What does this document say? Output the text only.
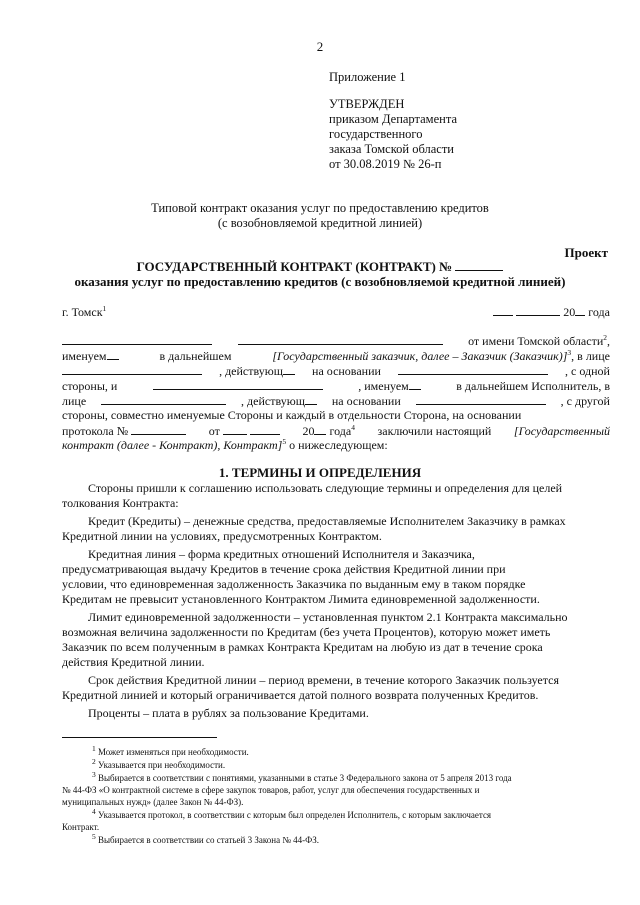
2
Приложение 1
УТВЕРЖДЕН
приказом Департамента
государственного
заказа Томской области
от 30.08.2019 № 26-п
Типовой контракт оказания услуг по предоставлению кредитов
(с возобновляемой кредитной линией)
Проект
ГОСУДАРСТВЕННЫЙ КОНТРАКТ (КОНТРАКТ) №
оказания услуг по предоставлению кредитов (с возобновляемой кредитной линией)
г. Томск$^1$	20 года
от имени Томской области$^2$,
именуем	в дальнейшем	[Государственный заказчик, далее – Заказчик (Заказчик)]$^3$, в лице
, действующ	на основании	, с одной
стороны, и	, именуем	в дальнейшем Исполнитель, в
лице	, действующ	на основании	, с другой
стороны, совместно именуемые Стороны и каждый в отдельности Сторона, на основании
протокола №	от	20 года$^4$ заключили настоящий [Государственный
контракт (далее - Контракт), Контракт]$^5$ о нижеследующем:
1. ТЕРМИНЫ И ОПРЕДЕЛЕНИЯ
Стороны пришли к соглашению использовать следующие термины и определения для целей
толкования Контракта:
Кредит (Кредиты) – денежные средства, предоставляемые Исполнителем Заказчику в рамках
Кредитной линии на условиях, предусмотренных Контрактом.
Кредитная линия – форма кредитных отношений Исполнителя и Заказчика,
предусматривающая выдачу Кредитов в течение срока действия Кредитной линии при
условии, что единовременная задолженность Заказчика по выданным ему в таком порядке
Кредитам не превысит установленного Контрактом Лимита единовременной задолженности.
Лимит единовременной задолженности – установленная пунктом 2.1 Контракта максимально
возможная величина задолженности по Кредитам (без учета Процентов), которую может иметь
Заказчик по всем полученным в рамках Контракта Кредитам на любую из дат в течение срока
действия Кредитной линии.
Срок действия Кредитной линии – период времени, в течение которого Заказчик пользуется
Кредитной линией и который ограничивается датой полного возврата полученных Кредитов.
Проценты – плата в рублях за пользование Кредитами.
$^1$ Может изменяться при необходимости.
$^2$ Указывается при необходимости.
$^3$ Выбирается в соответствии с понятиями, указанными в статье 3 Федерального закона от 5 апреля 2013 года
№ 44-ФЗ «О контрактной системе в сфере закупок товаров, работ, услуг для обеспечения государственных и
муниципальных нужд» (далее Закон № 44-ФЗ).
$^4$ Указывается протокол, в соответствии с которым был определен Исполнитель, с которым заключается
Контракт.
$^5$ Выбирается в соответствии со статьей 3 Закона № 44-ФЗ.
